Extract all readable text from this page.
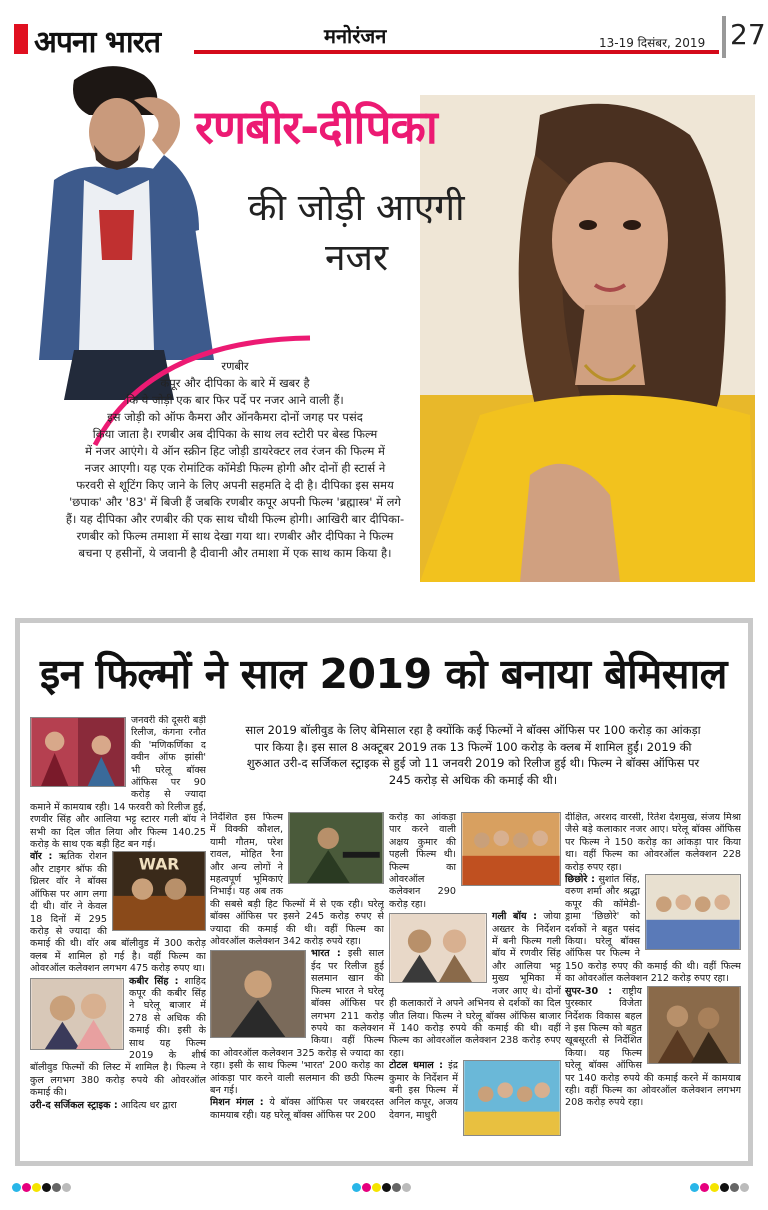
अपना भारत	मनोरंजन	13-19 दिसंबर, 2019 27
रणबीर-दीपिका
की जोड़ी आएगी
नजर
रणबीर
कपूर और दीपिका के बारे में खबर है
कि ये जोड़ी एक बार फिर पर्दे पर नजर आने वाली हैं।
इस जोड़ी को ऑफ कैमरा और ऑनकैमरा दोनों जगह पर पसंद
किया जाता है। रणबीर अब दीपिका के साथ लव स्टोरी पर बेस्ड फिल्म
में नजर आएंगे। ये ऑन स्क्रीन हिट जोड़ी डायरेक्टर लव रंजन की फिल्म में
नजर आएगी। यह एक रोमांटिक कॉमेडी फिल्म होगी और दोनों ही स्टार्स ने
फरवरी से शूटिंग किए जाने के लिए अपनी सहमति दे दी है। दीपिका इस समय
'छपाक' और '83' में बिजी हैं जबकि रणबीर कपूर अपनी फिल्म 'ब्रह्मास्त्र' में लगे
हैं। यह दीपिका और रणबीर की एक साथ चौथी फिल्म होगी। आखिरी बार दीपिका-
रणबीर को फिल्म तमाशा में साथ देखा गया था। रणबीर और दीपिका ने फिल्म
बचना ए हसीनों, ये जवानी है दीवानी और तमाशा में एक साथ काम किया है।
इन फिल्मों ने साल 2019 को बनाया बेमिसाल
साल 2019 बॉलीवुड के लिए बेमिसाल रहा है क्योंकि कई फिल्मों ने बॉक्स ऑफिस पर 100 करोड़ का आंकड़ा पार किया है। इस साल 8 अक्टूबर 2019 तक 13 फिल्में 100 करोड़ के क्लब में शामिल हुईं। 2019 की शुरुआत उरी-द सर्जिकल स्ट्राइक से हुई जो 11 जनवरी 2019 को रिलीज हुई थी। फिल्म ने बॉक्स ऑफिस पर 245 करोड़ से अधिक की कमाई की थी।
जनवरी की दूसरी बड़ी रिलीज, कंगना रनौत की 'मणिकर्णिका द क्वीन ऑफ झांसी' भी घरेलू बॉक्स ऑफिस पर 90 करोड़ से ज्यादा कमाने में कामयाब रही। 14 फरवरी को रिलीज हुई, रणवीर सिंह और आलिया भट्ट स्टारर गली बॉय ने सभी का दिल जीत लिया और फिल्म 140.25 करोड़ के साथ एक बड़ी हिट बन गई।

WAR
वॉर : ऋतिक रोशन और टाइगर श्रॉफ की थ्रिलर वॉर ने बॉक्स ऑफिस पर आग लगा दी थी। वॉर ने केवल 18 दिनों में 295 करोड़ से ज्यादा की कमाई की थी। वॉर अब बॉलीवुड में 300 करोड़ क्लब में शामिल हो गई है। वहीं फिल्म का ओवरऑल कलेक्शन लगभग 475 करोड़ रुपए था।
कबीर सिंह : शाहिद कपूर की कबीर सिंह ने घरेलू बाजार में 278 से अधिक की कमाई की। इसी के साथ यह फिल्म 2019 के शीर्ष बॉलीवुड फिल्मों की लिस्ट में शामिल है। फिल्म ने कुल लगभग 380 करोड़ रुपये की ओवरऑल कमाई की।
उरी-द सर्जिकल स्ट्राइक : आदित्य धर द्वारा
निर्देशित इस फिल्म में विक्की कौशल, यामी गौतम, परेश रावल, मोहित रैना और अन्य लोगों ने महत्वपूर्ण भूमिकाएं निभाई। यह अब तक की सबसे बड़ी हिट फिल्मों में से एक रही। घरेलू बॉक्स ऑफिस पर इसने 245 करोड़ रुपए से ज्यादा की कमाई की थी। वहीं फिल्म का ओवरऑल कलेक्शन 342 करोड़ रुपये रहा।
भारत : इसी साल ईद पर रिलीज हुई सलमान खान की फिल्म भारत ने घरेलू बॉक्स ऑफिस पर लगभग 211 करोड़ रुपये का कलेक्शन किया। वहीं फिल्म का ओवरऑल कलेक्शन 325 करोड़ से ज्यादा का रहा। इसी के साथ फिल्म 'भारत' 200 करोड़ का आंकड़ा पार करने वाली सलमान की छठी फिल्म बन गई।
मिशन मंगल : ये बॉक्स ऑफिस पर जबरदस्त कामयाब रही। यह घरेलू बॉक्स ऑफिस पर 200
करोड़ का आंकड़ा पार करने वाली अक्षय कुमार की पहली फिल्म थी। फिल्म का ओवरऑल कलेक्शन 290 करोड़ रहा।
गली बॉय : जोया अख्तर के निर्देशन में बनी फिल्म गली बॉय में रणवीर सिंह और आलिया भट्ट मुख्य भूमिका में नजर आए थे। दोनों ही कलाकारों ने अपने अभिनय से दर्शकों का दिल जीत लिया। फिल्म ने घरेलू बॉक्स ऑफिस बाजार में 140 करोड़ रुपये की कमाई की थी। वहीं फिल्म का ओवरऑल कलेक्शन 238 करोड़ रुपए रहा।
टोटल धमाल : इंद्र कुमार के निर्देशन में बनी इस फिल्म में अनिल कपूर, अजय देवगन, माधुरी
दीक्षित, अरशद वारसी, रितेश देशमुख, संजय मिश्रा जैसे बड़े कलाकार नजर आए। घरेलू बॉक्स ऑफिस पर फिल्म ने 150 करोड़ का आंकड़ा पार किया था। वहीं फिल्म का ओवरऑल कलेक्शन 228 करोड़ रुपए रहा।
छिछोरे : सुशांत सिंह, वरुण शर्मा और श्रद्धा कपूर की कॉमेडी-ड्रामा 'छिछोरे' को दर्शकों ने बहुत पसंद किया। घरेलू बॉक्स ऑफिस पर फिल्म ने 150 करोड़ रुपए की कमाई की थी। वहीं फिल्म का ओवरऑल कलेक्शन 212 करोड़ रुपए रहा।
सुपर-30 : राष्ट्रीय पुरस्कार विजेता निर्देशक विकास बहल ने इस फिल्म को बहुत खूबसूरती से निर्देशित किया। यह फिल्म घरेलू बॉक्स ऑफिस पर 140 करोड़ रुपये की कमाई करने में कामयाब रही। वहीं फिल्म का ओवरऑल कलेक्शन लगभग 208 करोड़ रुपये रहा।
